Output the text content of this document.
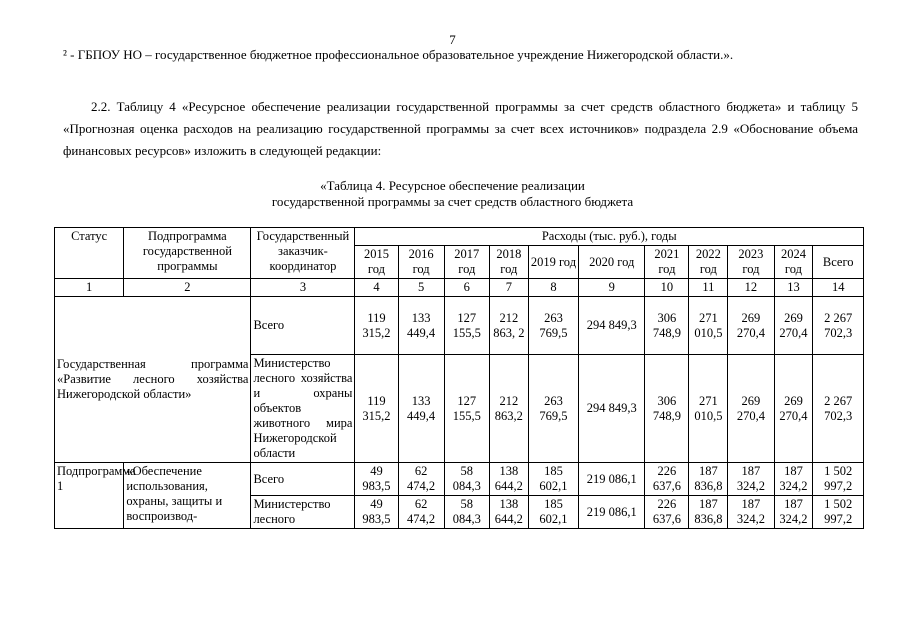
7
² - ГБПОУ НО – государственное бюджетное профессиональное образовательное учреждение Нижегородской области.».
2.2. Таблицу 4 «Ресурсное обеспечение реализации государственной программы за счет средств областного бюджета» и таблицу 5 «Прогнозная оценка расходов на реализацию государственной программы за счет всех источников» подраздела 2.9 «Обоснование объема финансовых ресурсов» изложить в следующей редакции:
«Таблица 4. Ресурсное обеспечение реализации
государственной программы за счет средств областного бюджета
Статус	Подпрограмма государственной программы	Государственный заказчик-координатор	Расходы (тыс. руб.), годы										
			2015 год	2016 год	2017 год	2018 год	2019 год	2020 год	2021 год	2022 год	2023 год	2024 год	Всего
1	2	3	4	5	6	7	8	9	10	11	12	13	14
Государственная программа «Развитие лесного хозяйства Нижегородской области»		Всего	119 315,2	133 449,4	127 155,5	212 863, 2	263 769,5	294 849,3	306 748,9	271 010,5	269 270,4	269 270,4	2 267 702,3
		Министерство лесного хозяйства и охраны объектов животного мира Нижегородской области	119 315,2	133 449,4	127 155,5	212 863,2	263 769,5	294 849,3	306 748,9	271 010,5	269 270,4	269 270,4	2 267 702,3
Подпрограмма 1	«Обеспечение использования, охраны, защиты и воспроизвод-	Всего	49 983,5	62 474,2	58 084,3	138 644,2	185 602,1	219 086,1	226 637,6	187 836,8	187 324,2	187 324,2	1 502 997,2
		Министерство лесного	49 983,5	62 474,2	58 084,3	138 644,2	185 602,1	219 086,1	226 637,6	187 836,8	187 324,2	187 324,2	1 502 997,2
